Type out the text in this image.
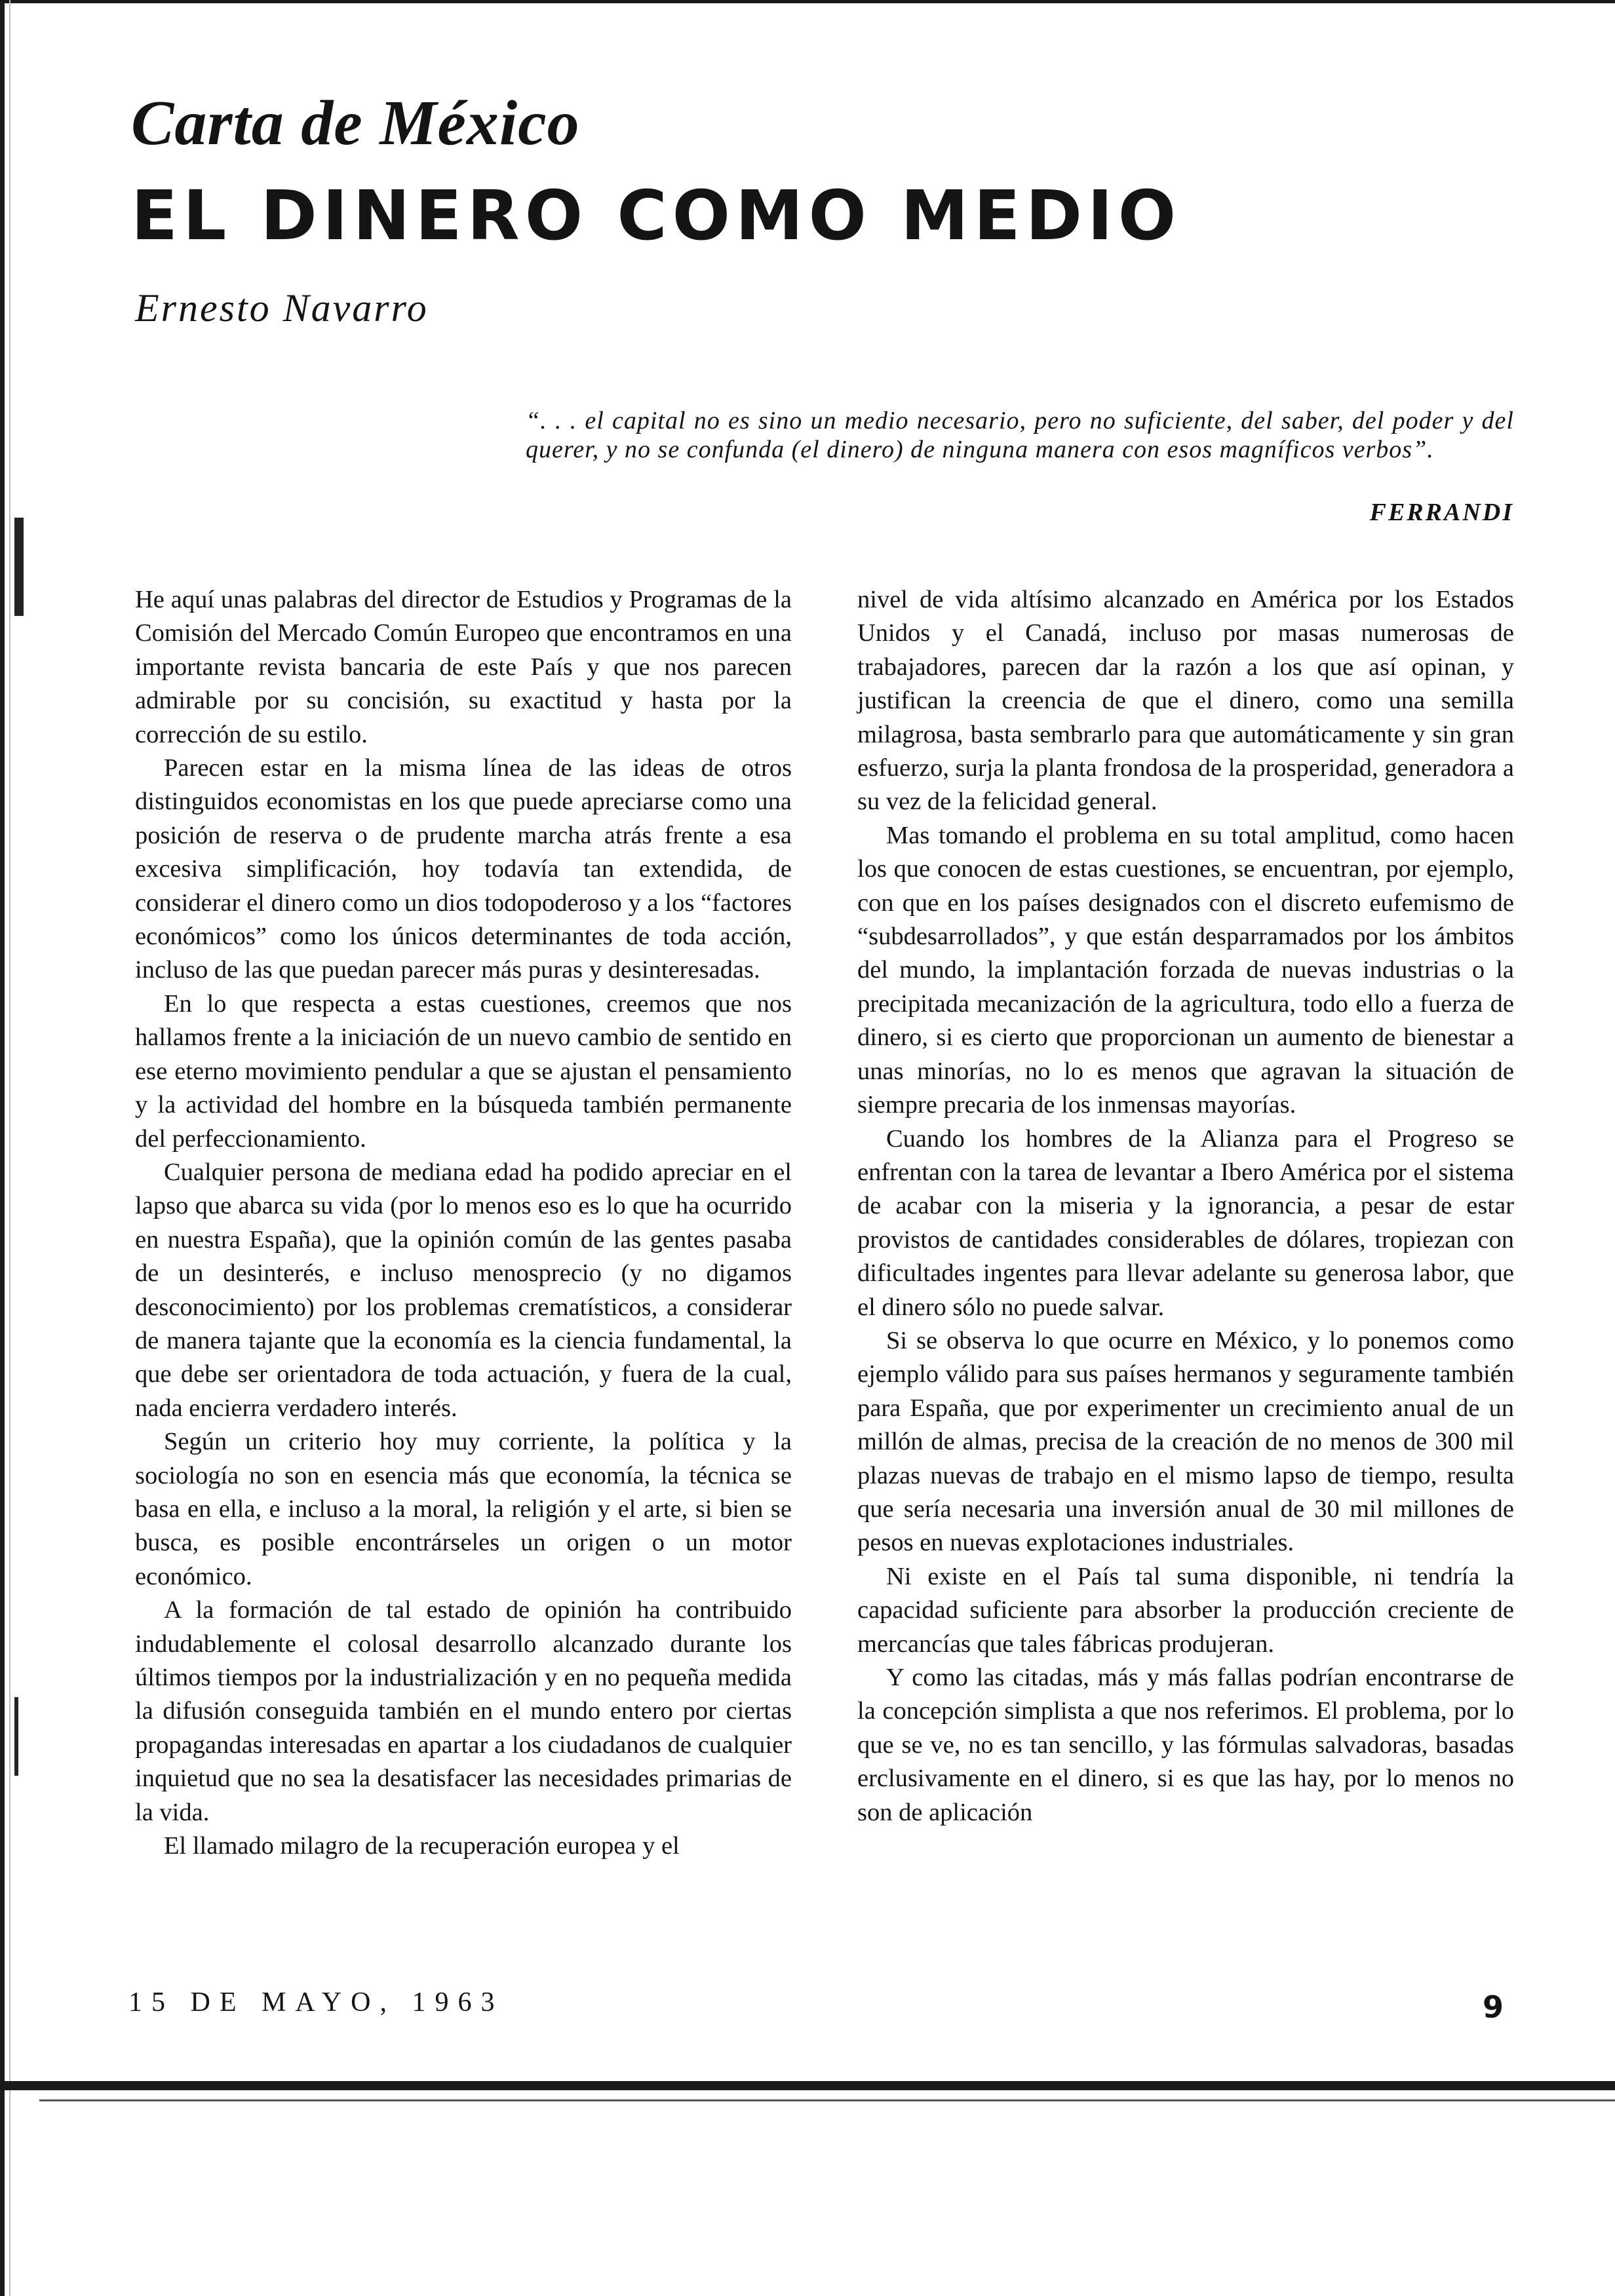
Carta de México
EL DINERO COMO MEDIO
Ernesto Navarro
“. . . el capital no es sino un medio necesario, pero no suficiente, del saber, del poder y del querer, y no se confunda (el dinero) de ninguna manera con esos magníficos verbos”.
FERRANDI

He aquí unas palabras del director de Estudios y Programas de la Comisión del Mercado Común Europeo que encontramos en una importante revista bancaria de este País y que nos parecen admirable por su concisión, su exactitud y hasta por la corrección de su estilo.

Parecen estar en la misma línea de las ideas de otros distinguidos economistas en los que puede apreciarse como una posición de reserva o de prudente marcha atrás frente a esa excesiva simplificación, hoy todavía tan extendida, de considerar el dinero como un dios todopoderoso y a los “factores económicos” como los únicos determinantes de toda acción, incluso de las que puedan parecer más puras y desinteresadas.

En lo que respecta a estas cuestiones, creemos que nos hallamos frente a la iniciación de un nuevo cambio de sentido en ese eterno movimiento pendular a que se ajustan el pensamiento y la actividad del hombre en la búsqueda también permanente del perfeccionamiento.

Cualquier persona de mediana edad ha podido apreciar en el lapso que abarca su vida (por lo menos eso es lo que ha ocurrido en nuestra España), que la opinión común de las gentes pasaba de un desinterés, e incluso menosprecio (y no digamos desconocimiento) por los problemas crematísticos, a considerar de manera tajante que la economía es la ciencia fundamental, la que debe ser orientadora de toda actuación, y fuera de la cual, nada encierra verdadero interés.

Según un criterio hoy muy corriente, la política y la sociología no son en esencia más que economía, la técnica se basa en ella, e incluso a la moral, la religión y el arte, si bien se busca, es posible encontrárseles un origen o un motor económico.

A la formación de tal estado de opinión ha contribuido indudablemente el colosal desarrollo alcanzado durante los últimos tiempos por la industrialización y en no pequeña medida la difusión conseguida también en el mundo entero por ciertas propagandas interesadas en apartar a los ciudadanos de cualquier inquietud que no sea la desatisfacer las necesidades primarias de la vida.

El llamado milagro de la recuperación europea y el

nivel de vida altísimo alcanzado en América por los Estados Unidos y el Canadá, incluso por masas numerosas de trabajadores, parecen dar la razón a los que así opinan, y justifican la creencia de que el dinero, como una semilla milagrosa, basta sembrarlo para que automáticamente y sin gran esfuerzo, surja la planta frondosa de la prosperidad, generadora a su vez de la felicidad general.

Mas tomando el problema en su total amplitud, como hacen los que conocen de estas cuestiones, se encuentran, por ejemplo, con que en los países designados con el discreto eufemismo de “subdesarrollados”, y que están desparramados por los ámbitos del mundo, la implantación forzada de nuevas industrias o la precipitada mecanización de la agricultura, todo ello a fuerza de dinero, si es cierto que proporcionan un aumento de bienestar a unas minorías, no lo es menos que agravan la situación de siempre precaria de los inmensas mayorías.

Cuando los hombres de la Alianza para el Progreso se enfrentan con la tarea de levantar a Ibero América por el sistema de acabar con la miseria y la ignorancia, a pesar de estar provistos de cantidades considerables de dólares, tropiezan con dificultades ingentes para llevar adelante su generosa labor, que el dinero sólo no puede salvar.

Si se observa lo que ocurre en México, y lo ponemos como ejemplo válido para sus países hermanos y seguramente también para España, que por experimenter un crecimiento anual de un millón de almas, precisa de la creación de no menos de 300 mil plazas nuevas de trabajo en el mismo lapso de tiempo, resulta que sería necesaria una inversión anual de 30 mil millones de pesos en nuevas explotaciones industriales.

Ni existe en el País tal suma disponible, ni tendría la capacidad suficiente para absorber la producción creciente de mercancías que tales fábricas produjeran.

Y como las citadas, más y más fallas podrían encontrarse de la concepción simplista a que nos referimos. El problema, por lo que se ve, no es tan sencillo, y las fórmulas salvadoras, basadas erclusivamente en el dinero, si es que las hay, por lo menos no son de aplicación

15 DE MAYO, 1963	9
